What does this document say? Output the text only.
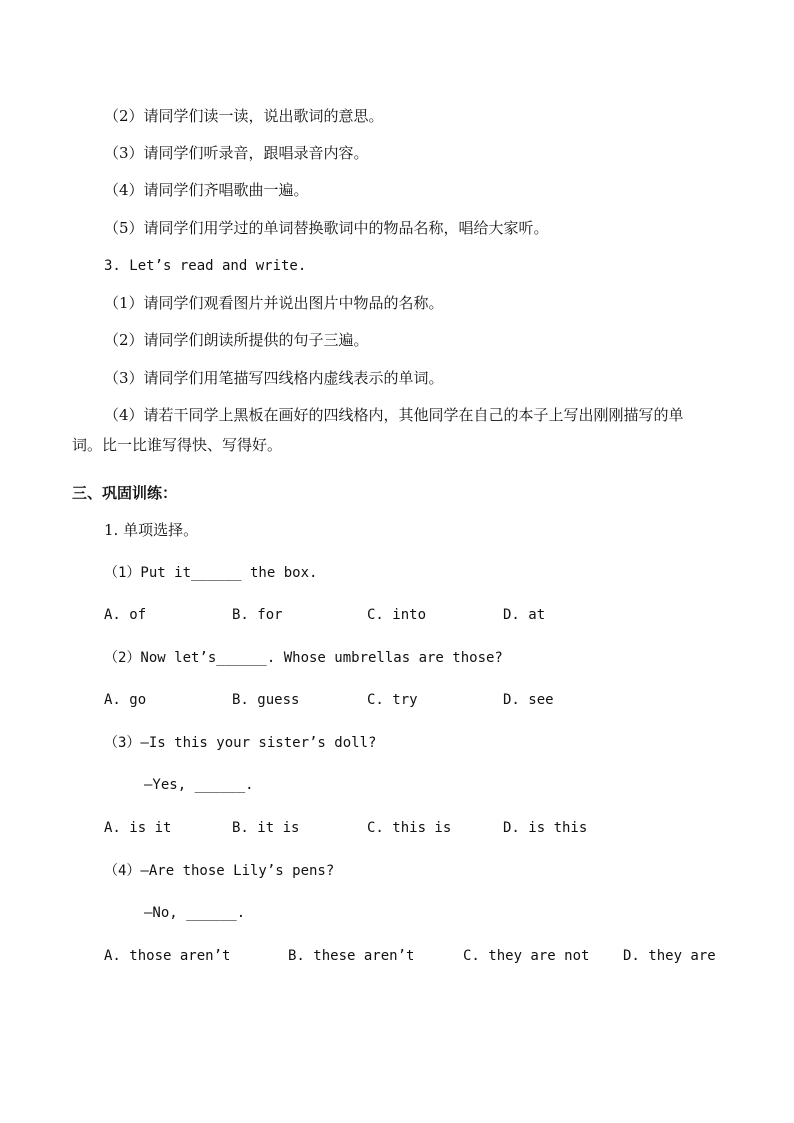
（2）请同学们读一读，说出歌词的意思。
（3）请同学们听录音，跟唱录音内容。
（4）请同学们齐唱歌曲一遍。
（5）请同学们用学过的单词替换歌词中的物品名称，唱给大家听。
3. Let’s read and write.
（1）请同学们观看图片并说出图片中物品的名称。
（2）请同学们朗读所提供的句子三遍。
（3）请同学们用笔描写四线格内虚线表示的单词。
（4）请若干同学上黑板在画好的四线格内，其他同学在自己的本子上写出刚刚描写的单
词。比一比谁写得快、写得好。
三、巩固训练：
1. 单项选择。
（1）Put it______ the box.
A. of	B. for	C. into	D. at
（2）Now let’s______. Whose umbrellas are those?
A. go	B. guess	C. try	D. see
（3）—Is this your sister’s doll?
—Yes, ______.
A. is it	B. it is	C. this is	D. is this
（4）—Are those Lily’s pens?
—No, ______.
A. those aren’t	B. these aren’t	C. they are not D. they are
